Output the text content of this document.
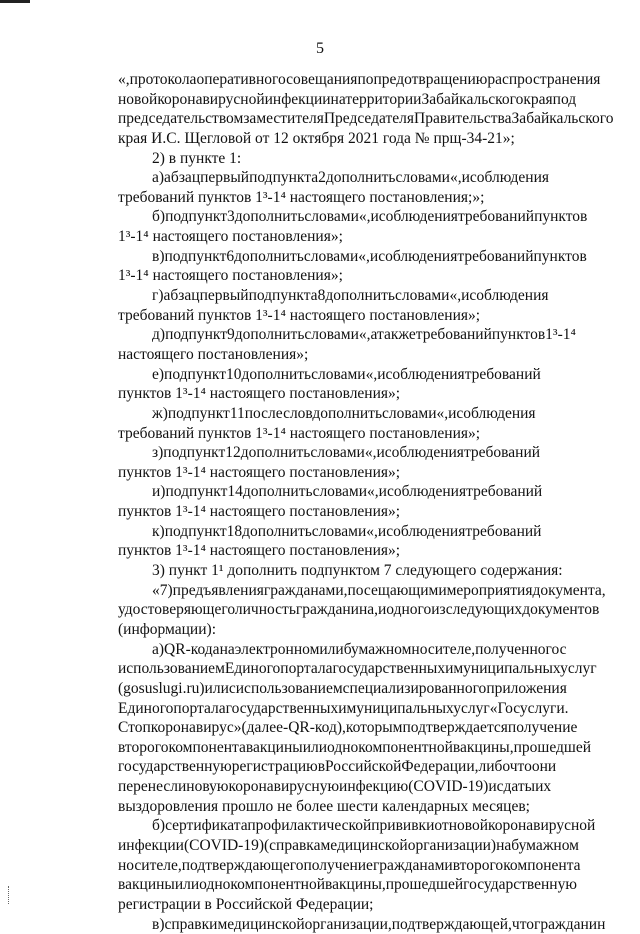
5
«,протоколаоперативногосовещанияпопредотвращениюраспространения
новойкоронавируснойинфекциинатерриторииЗабайкальскогокраяпод
председательствомзаместителяПредседателяПравительстваЗабайкальского
края И.С. Щегловой от 12 октября 2021 года № прщ-34-21»;
2) в пункте 1:
а)абзацпервыйподпункта2дополнитьсловами«,исоблюдения
требований пунктов 1³-1⁴ настоящего постановления;»;
б)подпункт3дополнитьсловами«,исоблюдениятребованийпунктов
1³-1⁴ настоящего постановления»;
в)подпункт6дополнитьсловами«,исоблюдениятребованийпунктов
1³-1⁴ настоящего постановления»;
г)абзацпервыйподпункта8дополнитьсловами«,исоблюдения
требований пунктов 1³-1⁴ настоящего постановления»;
д)подпункт9дополнитьсловами«,атакжетребованийпунктов1³-1⁴
настоящего постановления»;
е)подпункт10дополнитьсловами«,исоблюдениятребований
пунктов 1³-1⁴ настоящего постановления»;
ж)подпункт11послесловдополнитьсловами«,исоблюдения
требований пунктов 1³-1⁴ настоящего постановления»;
з)подпункт12дополнитьсловами«,исоблюдениятребований
пунктов 1³-1⁴ настоящего постановления»;
и)подпункт14дополнитьсловами«,исоблюдениятребований
пунктов 1³-1⁴ настоящего постановления»;
к)подпункт18дополнитьсловами«,исоблюдениятребований
пунктов 1³-1⁴ настоящего постановления»;
3) пункт 1¹ дополнить подпунктом 7 следующего содержания:
«7)предъявлениягражданами,посещающимимероприятиядокумента,
удостоверяющеголичностьгражданина,иодногоизследующихдокументов
(информации):
а)QR-коданаэлектронномилибумажномносителе,полученногос
использованиемЕдиногопорталагосударственныхимуниципальныхуслуг
(gosuslugi.ru)илисиспользованиемспециализированногоприложения
Единогопорталагосударственныхимуниципальныхуслуг«Госуслуги.
Стопкоронавирус»(далее-QR-код),которымподтверждаетсяполучение
второгокомпонентавакциныилиоднокомпонентнойвакцины,прошедшей
государственнуюрегистрациювРоссийскойФедерации,либочтоони
перенеслиновуюкоронавируснуюинфекцию(COVID-19)исдатыих
выздоровления прошло не более шести календарных месяцев;
б)сертификатапрофилактическойпрививкиотновойкоронавирусной
инфекции(COVID-19)(справкамедицинскойорганизации)набумажном
носителе,подтверждающегополучениегражданамивторогокомпонента
вакциныилиоднокомпонентнойвакцины,прошедшейгосударственную
регистрации в Российской Федерации;
в)справкимедицинскойорганизации,подтверждающей,чтогражданин
